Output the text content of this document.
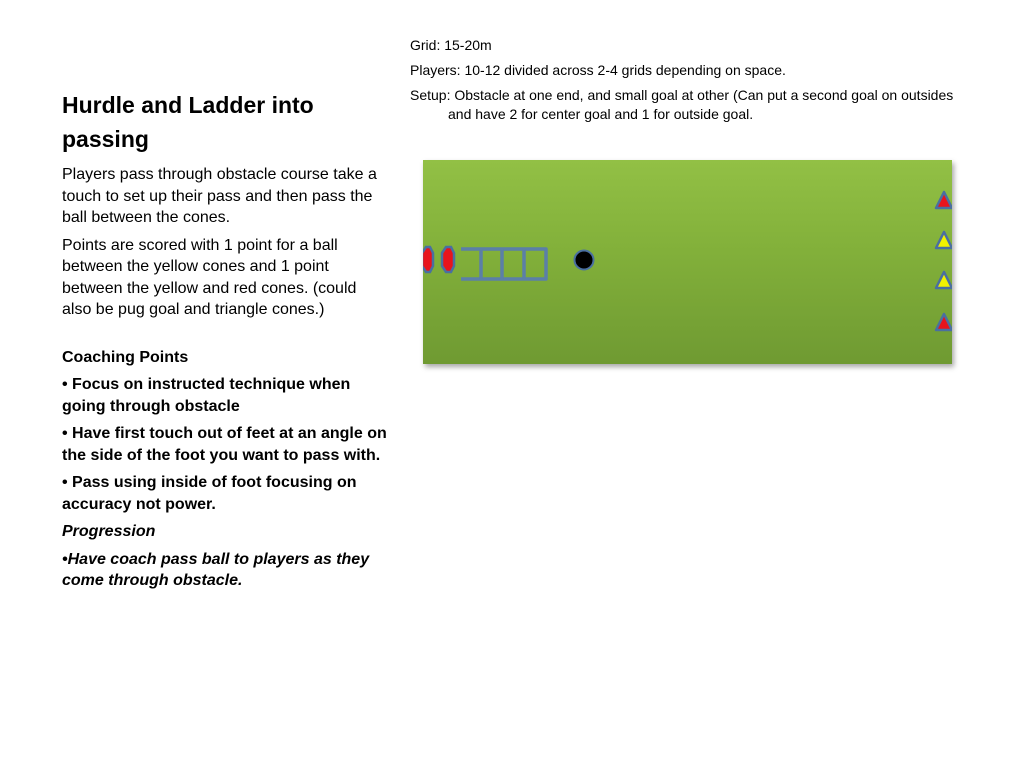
Hurdle and Ladder into passing

Players pass through obstacle course take a touch to set up their pass and then pass the ball between the cones.

Points are scored with 1 point for a ball between the yellow cones and 1 point between the yellow and red cones. (could also be pug goal and triangle cones.)

Coaching Points

• Focus on instructed technique when going through obstacle

• Have first touch out of feet at an angle on the side of the foot you want to pass with.

• Pass using inside of foot focusing on accuracy not power.

Progression

•Have coach pass ball to players as they come through obstacle.

Grid: 15-20m

Players: 10-12 divided across 2-4 grids depending on space.

Setup: Obstacle at one end, and small goal at other (Can put a second goal on outsides and have 2 for center goal and 1 for outside goal.
